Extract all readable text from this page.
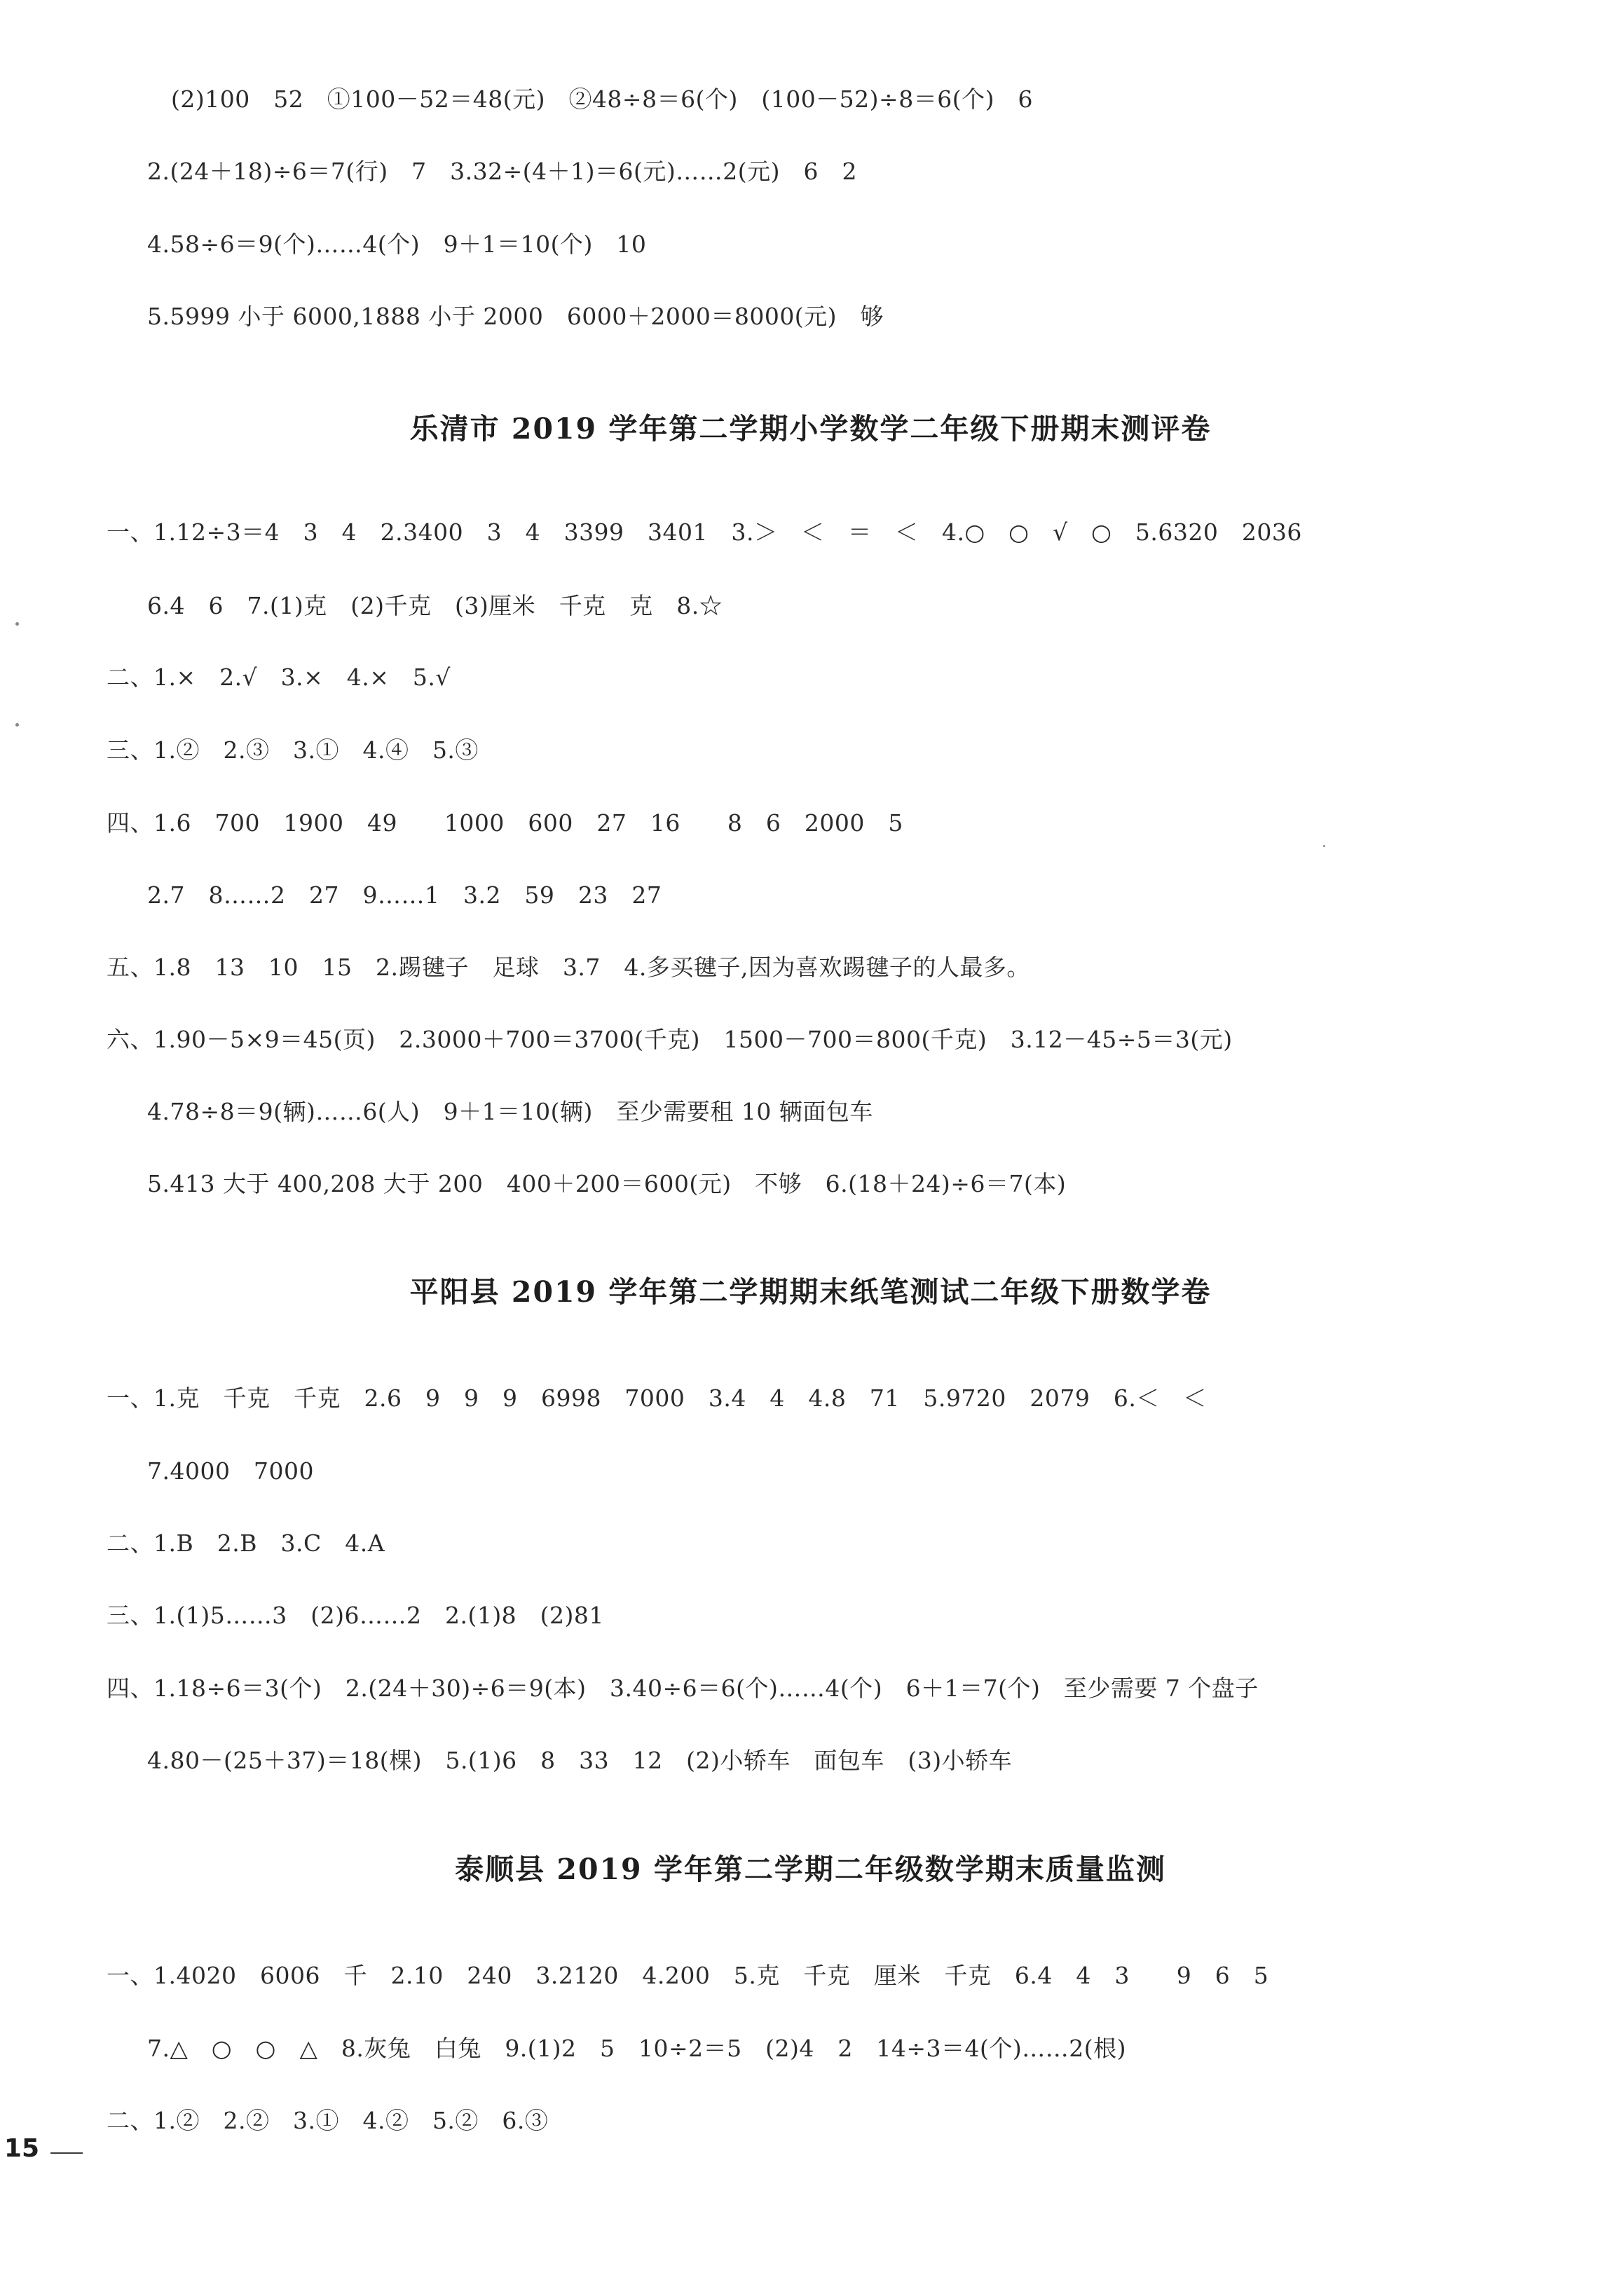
(2)100　52　①100－52＝48(元)　②48÷8＝6(个)　(100－52)÷8＝6(个)　6
2.(24＋18)÷6＝7(行)　7　3.32÷(4＋1)＝6(元)……2(元)　6　2
4.58÷6＝9(个)……4(个)　9＋1＝10(个)　10
5.5999 小于 6000,1888 小于 2000　6000＋2000＝8000(元)　够
乐清市 2019 学年第二学期小学数学二年级下册期末测评卷
一、1.12÷3＝4　3　4　2.3400　3　4　3399　3401　3.＞　＜　＝　＜　4.○　○　√　○　5.6320　2036
6.4　6　7.(1)克　(2)千克　(3)厘米　千克　克　8.☆
二、1.×　2.√　3.×　4.×　5.√
三、1.②　2.③　3.①　4.④　5.③
四、1.6　700　1900　49　　1000　600　27　16　　8　6　2000　5
2.7　8……2　27　9……1　3.2　59　23　27
五、1.8　13　10　15　2.踢毽子　足球　3.7　4.多买毽子,因为喜欢踢毽子的人最多。
六、1.90－5×9＝45(页)　2.3000＋700＝3700(千克)　1500－700＝800(千克)　3.12－45÷5＝3(元)
4.78÷8＝9(辆)……6(人)　9＋1＝10(辆)　至少需要租 10 辆面包车
5.413 大于 400,208 大于 200　400＋200＝600(元)　不够　6.(18＋24)÷6＝7(本)
平阳县 2019 学年第二学期期末纸笔测试二年级下册数学卷
一、1.克　千克　千克　2.6　9　9　9　6998　7000　3.4　4　4.8　71　5.9720　2079　6.＜　＜
7.4000　7000
二、1.B　2.B　3.C　4.A
三、1.(1)5……3　(2)6……2　2.(1)8　(2)81
四、1.18÷6＝3(个)　2.(24＋30)÷6＝9(本)　3.40÷6＝6(个)……4(个)　6＋1＝7(个)　至少需要 7 个盘子
4.80－(25＋37)＝18(棵)　5.(1)6　8　33　12　(2)小轿车　面包车　(3)小轿车
泰顺县 2019 学年第二学期二年级数学期末质量监测
一、1.4020　6006　千　2.10　240　3.2120　4.200　5.克　千克　厘米　千克　6.4　4　3　　9　6　5
7.△　○　○　△　8.灰兔　白兔　9.(1)2　5　10÷2＝5　(2)4　2　14÷3＝4(个)……2(根)
二、1.②　2.②　3.①　4.②　5.②　6.③
15
